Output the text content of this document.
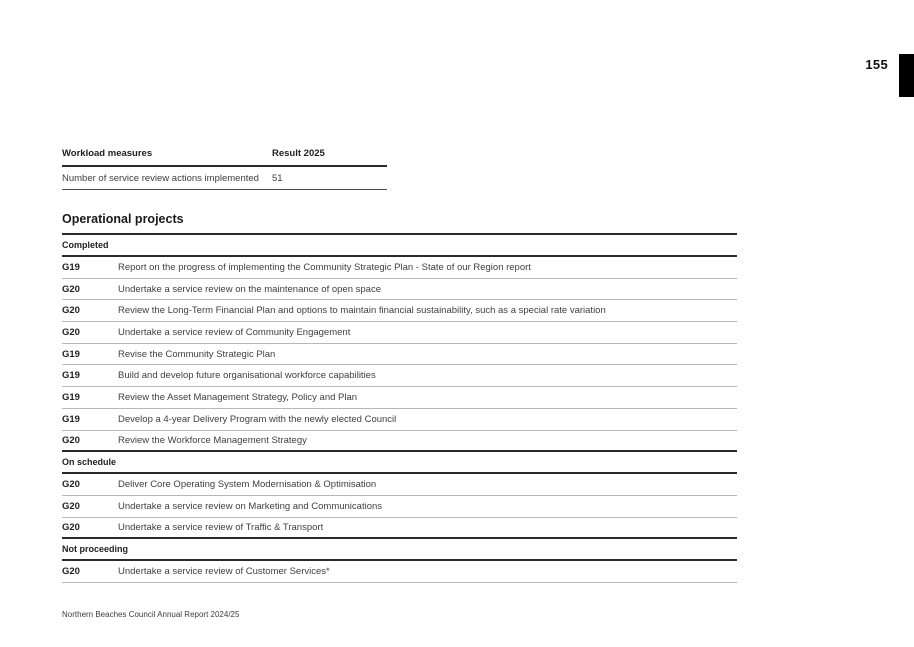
155
Workload measures	Result 2025
Number of service review actions implemented	51
Operational projects
Completed
G19	Report on the progress of implementing the Community Strategic Plan - State of our Region report
G20	Undertake a service review on the maintenance of open space
G20	Review the Long-Term Financial Plan and options to maintain financial sustainability, such as a special rate variation
G20	Undertake a service review of Community Engagement
G19	Revise the Community Strategic Plan
G19	Build and develop future organisational workforce capabilities
G19	Review the Asset Management Strategy, Policy and Plan
G19	Develop a 4-year Delivery Program with the newly elected Council
G20	Review the Workforce Management Strategy
On schedule
G20	Deliver Core Operating System Modernisation & Optimisation
G20	Undertake a service review on Marketing and Communications
G20	Undertake a service review of Traffic & Transport
Not proceeding
G20	Undertake a service review of Customer Services*
Northern Beaches Council Annual Report 2024/25
